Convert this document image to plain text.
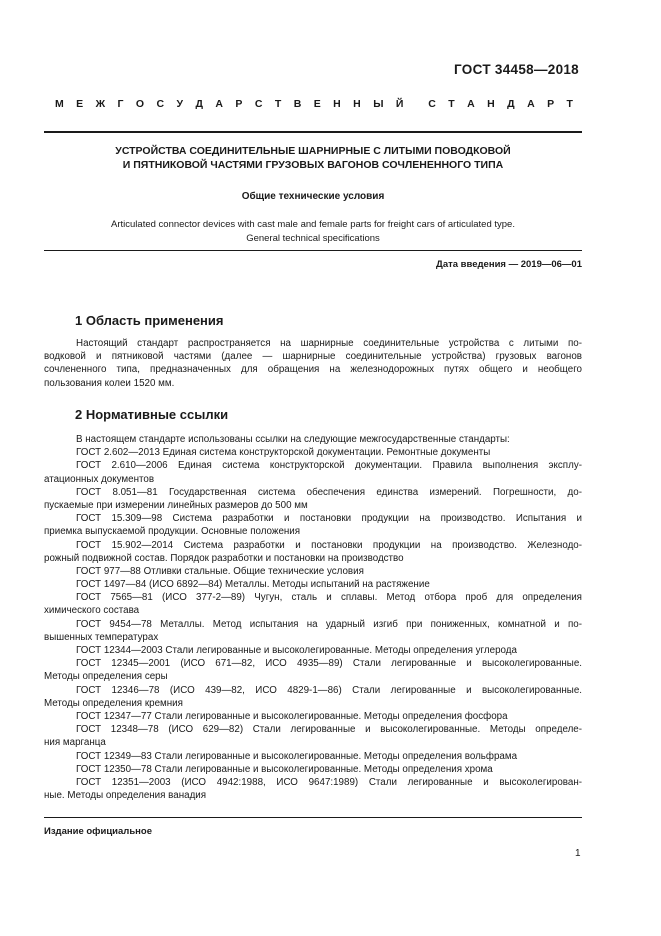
ГОСТ 34458—2018
М Е Ж Г О С У Д А Р С Т В Е Н Н Ы Й С Т А Н Д А Р Т
УСТРОЙСТВА СОЕДИНИТЕЛЬНЫЕ ШАРНИРНЫЕ С ЛИТЫМИ ПОВОДКОВОЙ
И ПЯТНИКОВОЙ ЧАСТЯМИ ГРУЗОВЫХ ВАГОНОВ СОЧЛЕНЕННОГО ТИПА
Общие технические условия
Articulated connector devices with cast male and female parts for freight cars of articulated type.
General technical specifications
Дата введения — 2019—06—01
1 Область применения
Настоящий стандарт распространяется на шарнирные соединительные устройства с литыми по-
водковой и пятниковой частями (далее — шарнирные соединительные устройства) грузовых вагонов
сочлененного типа, предназначенных для обращения на железнодорожных путях общего и необщего
пользования колеи 1520 мм.
2 Нормативные ссылки
В настоящем стандарте использованы ссылки на следующие межгосударственные стандарты:
ГОСТ 2.602—2013 Единая система конструкторской документации. Ремонтные документы
ГОСТ 2.610—2006 Единая система конструкторской документации. Правила выполнения эксплу-
атационных документов
ГОСТ 8.051—81 Государственная система обеспечения единства измерений. Погрешности, до-
пускаемые при измерении линейных размеров до 500 мм
ГОСТ 15.309—98 Система разработки и постановки продукции на производство. Испытания и
приемка выпускаемой продукции. Основные положения
ГОСТ 15.902—2014 Система разработки и постановки продукции на производство. Железнодо-
рожный подвижной состав. Порядок разработки и постановки на производство
ГОСТ 977—88 Отливки стальные. Общие технические условия
ГОСТ 1497—84 (ИСО 6892—84) Металлы. Методы испытаний на растяжение
ГОСТ 7565—81 (ИСО 377-2—89) Чугун, сталь и сплавы. Метод отбора проб для определения
химического состава
ГОСТ 9454—78 Металлы. Метод испытания на ударный изгиб при пониженных, комнатной и по-
вышенных температурах
ГОСТ 12344—2003 Стали легированные и высоколегированные. Методы определения углерода
ГОСТ 12345—2001 (ИСО 671—82, ИСО 4935—89) Стали легированные и высоколегированные.
Методы определения серы
ГОСТ 12346—78 (ИСО 439—82, ИСО 4829-1—86) Стали легированные и высоколегированные.
Методы определения кремния
ГОСТ 12347—77 Стали легированные и высоколегированные. Методы определения фосфора
ГОСТ 12348—78 (ИСО 629—82) Стали легированные и высоколегированные. Методы определе-
ния марганца
ГОСТ 12349—83 Стали легированные и высоколегированные. Методы определения вольфрама
ГОСТ 12350—78 Стали легированные и высоколегированные. Методы определения хрома
ГОСТ 12351—2003 (ИСО 4942:1988, ИСО 9647:1989) Стали легированные и высоколегирован-
ные. Методы определения ванадия
Издание официальное
1
